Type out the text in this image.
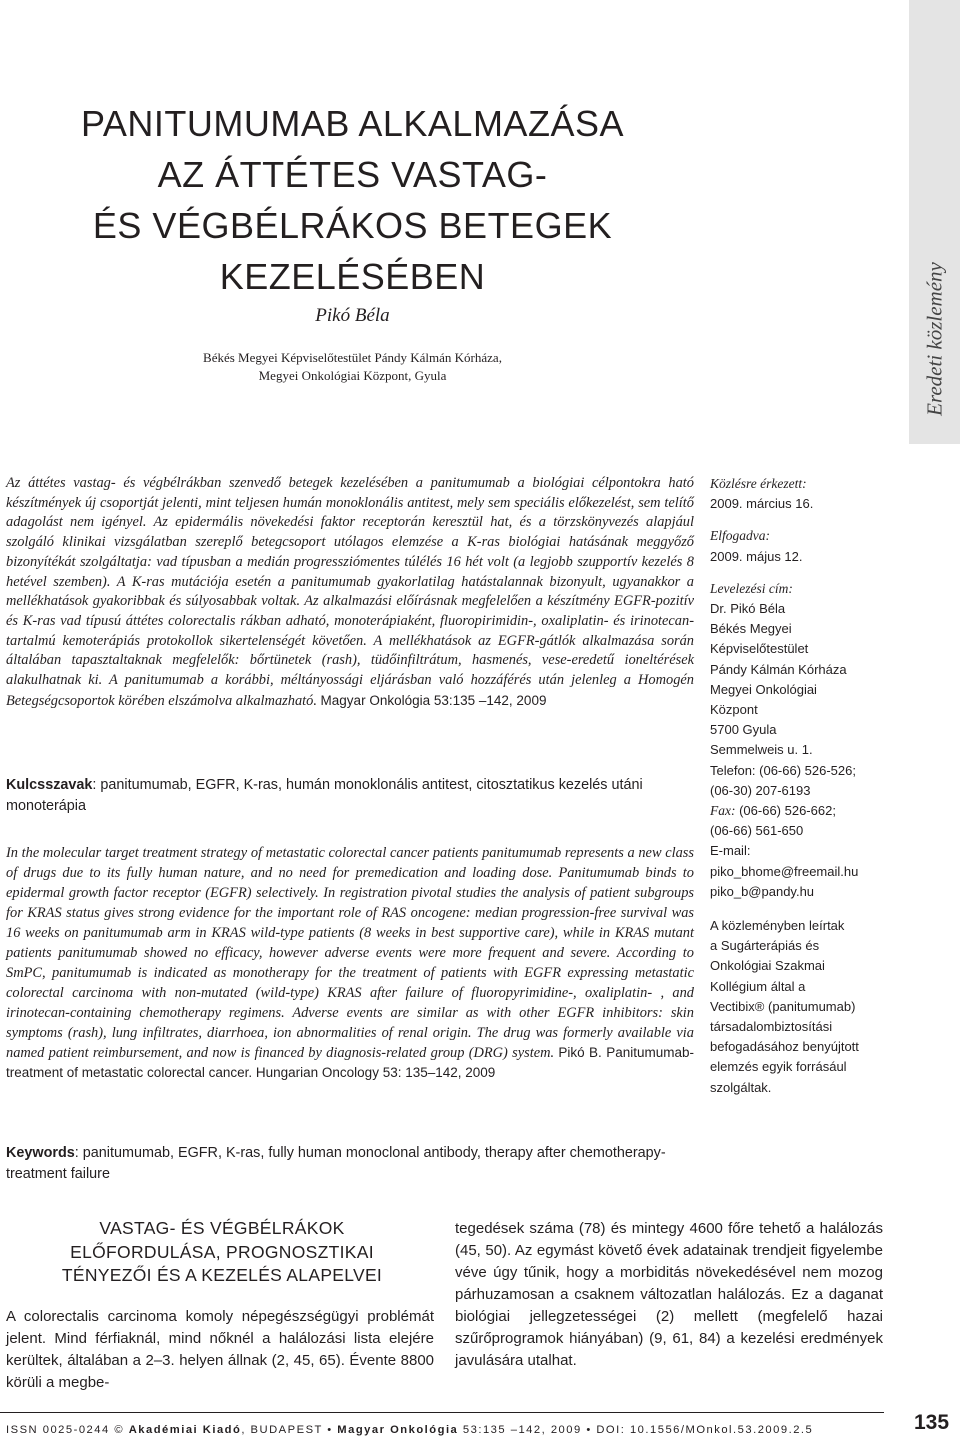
Eredeti közlemény
PANITUMUMAB ALKALMAZÁSA
AZ ÁTTÉTES VASTAG-
ÉS VÉGBÉLRÁKOS BETEGEK
KEZELÉSÉBEN
Pikó Béla
Békés Megyei Képviselőtestület Pándy Kálmán Kórháza,
Megyei Onkológiai Központ, Gyula
Az áttétes vastag- és végbélrákban szenvedő betegek kezelésében a panitumumab a biológiai célpontokra ható készítmények új csoportját jelenti, mint teljesen humán monoklonális antitest, mely sem speciális előkezelést, sem telítő adagolást nem igényel. Az epidermális növekedési faktor receptorán keresztül hat, és a törzskönyvezés alapjául szolgáló klinikai vizsgálatban szereplő betegcsoport utólagos elemzése a K-ras biológiai hatásának meggyőző bizonyítékát szolgáltatja: vad típusban a medián progressziómentes túlélés 16 hét volt (a legjobb szupportív kezelés 8 hetével szemben). A K-ras mutációja esetén a panitumumab gyakorlatilag hatástalannak bizonyult, ugyanakkor a mellékhatások gyakoribbak és súlyosabbak voltak. Az alkalmazási előírásnak megfelelően a készítmény EGFR-pozitív és K-ras vad típusú áttétes colorectalis rákban adható, monoterápiaként, fluoropirimidin-, oxaliplatin- és irinotecan-tartalmú kemoterápiás protokollok sikertelenségét követően. A mellékhatások az EGFR-gátlók alkalmazása során általában tapasztaltaknak megfelelők: bőrtünetek (rash), tüdőinfiltrátum, hasmenés, vese-eredetű ioneltérések alakulhatnak ki. A panitumumab a korábbi, méltányossági eljárásban való hozzáférés után jelenleg a Homogén Betegségcsoportok körében elszámolva alkalmazható. Magyar Onkológia 53:135 –142, 2009
Kulcsszavak: panitumumab, EGFR, K-ras, humán monoklonális antitest, citosztatikus kezelés utáni monoterápia
In the molecular target treatment strategy of metastatic colorectal cancer patients panitumumab represents a new class of drugs due to its fully human nature, and no need for premedication and loading dose. Panitumumab binds to epidermal growth factor receptor (EGFR) selectively. In registration pivotal studies the analysis of patient subgroups for KRAS status gives strong evidence for the important role of RAS oncogene: median progression-free survival was 16 weeks on panitumumab arm in KRAS wild-type patients (8 weeks in best supportive care), while in KRAS mutant patients panitumumab showed no efficacy, however adverse events were more frequent and severe. According to SmPC, panitumumab is indicated as monotherapy for the treatment of patients with EGFR expressing metastatic colorectal carcinoma with non-mutated (wild-type) KRAS after failure of fluoropyrimidine-, oxaliplatin- , and irinotecan-containing chemotherapy regimens. Adverse events are similar as with other EGFR inhibitors: skin symptoms (rash), lung infiltrates, diarrhoea, ion abnormalities of renal origin. The drug was formerly available via named patient reimbursement, and now is financed by diagnosis-related group (DRG) system. Pikó B. Panitumumab-treatment of metastatic colorectal cancer. Hungarian Oncology 53: 135–142, 2009
Keywords: panitumumab, EGFR, K-ras, fully human monoclonal antibody, therapy after chemotherapy-treatment failure
Közlésre érkezett:
2009. március 16.
Elfogadva:
2009. május 12.
Levelezési cím:
Dr. Pikó Béla
Békés Megyei
Képviselőtestület
Pándy Kálmán Kórháza
Megyei Onkológiai
Központ
5700 Gyula
Semmelweis u. 1.
Telefon: (06-66) 526-526;
(06-30) 207-6193
Fax: (06-66) 526-662;
(06-66) 561-650
E-mail:
piko_bhome@freemail.hu
piko_b@pandy.hu
A közleményben leírtak
a Sugárterápiás és
Onkológiai Szakmai
Kollégium által a
Vectibix® (panitumumab)
társadalombiztosítási
befogadásához benyújtott
elemzés egyik forrásául
szolgáltak.
VASTAG- ÉS VÉGBÉLRÁKOK
ELŐFORDULÁSA, PROGNOSZTIKAI
TÉNYEZŐI ÉS A KEZELÉS ALAPELVEI
A colorectalis carcinoma komoly népegészségügyi problémát jelent. Mind férfiaknál, mind nőknél a halálozási lista elejére kerültek, általában a 2–3. helyen állnak (2, 45, 65). Évente 8800 körüli a megbe-
tegedések száma (78) és mintegy 4600 főre tehető a halálozás (45, 50). Az egymást követő évek adatainak trendjeit figyelembe véve úgy tűnik, hogy a morbiditás növekedésével nem mozog párhuzamosan a csaknem változatlan halálozás. Ez a daganat biológiai jellegzetességei (2) mellett (megfelelő hazai szűrőprogramok hiányában) (9, 61, 84) a kezelési eredmények javulására utalhat.
ISSN 0025-0244 © Akadémiai Kiadó, BUDAPEST • Magyar Onkológia 53:135 –142, 2009 • DOI: 10.1556/MOnkol.53.2009.2.5	135
